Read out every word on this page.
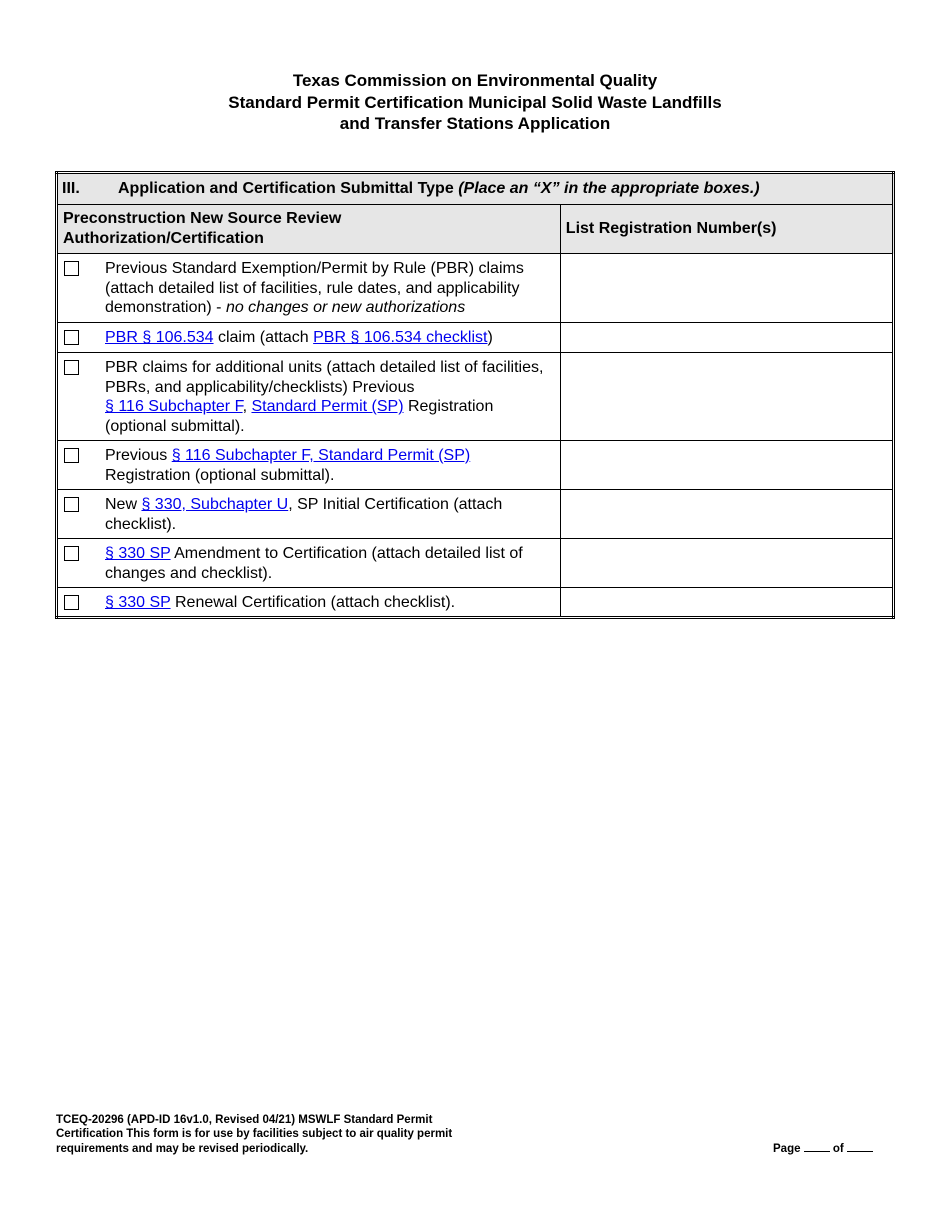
Texas Commission on Environmental Quality
Standard Permit Certification Municipal Solid Waste Landfills
and Transfer Stations Application
III. Application and Certification Submittal Type (Place an “X” in the appropriate boxes.)	

Preconstruction New Source Review
Authorization/Certification	List Registration Number(s)

Previous Standard Exemption/Permit by Rule (PBR) claims (attach detailed list of facilities, rule dates, and applicability demonstration) - no changes or new authorizations	

PBR § 106.534 claim (attach PBR § 106.534 checklist)	

PBR claims for additional units (attach detailed list of facilities, PBRs, and applicability/checklists) Previous
§ 116 Subchapter F, Standard Permit (SP) Registration (optional submittal).	

Previous § 116 Subchapter F, Standard Permit (SP) Registration (optional submittal).	

New § 330, Subchapter U, SP Initial Certification (attach checklist).	

§ 330 SP Amendment to Certification (attach detailed list of changes and checklist).	

§ 330 SP Renewal Certification (attach checklist).	
TCEQ-20296 (APD-ID 16v1.0, Revised 04/21) MSWLF Standard Permit
Certification This form is for use by facilities subject to air quality permit
requirements and may be revised periodically.	Page	of
